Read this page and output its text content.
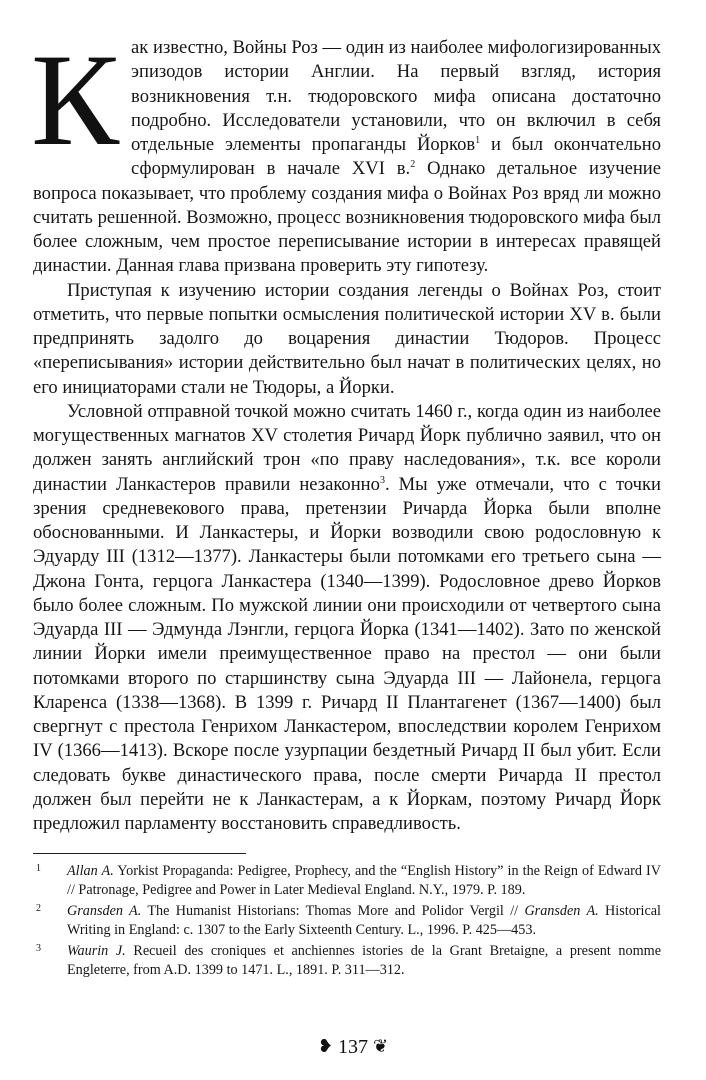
К ак известно, Войны Роз — один из наиболее мифологизированных эпизодов истории Англии. На первый взгляд, история возникновения т.н. тюдоровского мифа описана достаточно подробно. Исследователи установили, что он включил в себя отдельные элементы пропаганды Йорков$^1$ и был окончательно сформулирован в начале XVI в.$^2$ Однако детальное изучение вопроса показывает, что проблему создания мифа о Войнах Роз вряд ли можно считать решенной. Возможно, процесс возникновения тюдоровского мифа был более сложным, чем простое переписывание истории в интересах правящей династии. Данная глава призвана проверить эту гипотезу.

Приступая к изучению истории создания легенды о Войнах Роз, стоит отметить, что первые попытки осмысления политической истории XV в. были предпринять задолго до воцарения династии Тюдоров. Процесс «переписывания» истории действительно был начат в политических целях, но его инициаторами стали не Тюдоры, а Йорки.

Условной отправной точкой можно считать 1460 г., когда один из наиболее могущественных магнатов XV столетия Ричард Йорк публично заявил, что он должен занять английский трон «по праву наследования», т.к. все короли династии Ланкастеров правили незаконно$^3$. Мы уже отмечали, что с точки зрения средневекового права, претензии Ричарда Йорка были вполне обоснованными. И Ланкастеры, и Йорки возводили свою родословную к Эдуарду III (1312—1377). Ланкастеры были потомками его третьего сына — Джона Гонта, герцога Ланкастера (1340—1399). Родословное древо Йорков было более сложным. По мужской линии они происходили от четвертого сына Эдуарда III — Эдмунда Лэнгли, герцога Йорка (1341—1402). Зато по женской линии Йорки имели преимущественное право на престол — они были потомками второго по старшинству сына Эдуарда III — Лайонела, герцога Кларенса (1338—1368). В 1399 г. Ричард II Плантагенет (1367—1400) был свергнут с престола Генрихом Ланкастером, впоследствии королем Генрихом IV (1366—1413). Вскоре после узурпации бездетный Ричард II был убит. Если следовать букве династического права, после смерти Ричарда II престол должен был перейти не к Ланкастерам, а к Йоркам, поэтому Ричард Йорк предложил парламенту восстановить справедливость.

1 Allan A. Yorkist Propaganda: Pedigree, Prophecy, and the “English History” in the Reign of Edward IV // Patronage, Pedigree and Power in Later Medieval England. N.Y., 1979. P. 189.

2 Gransden A. The Humanist Historians: Thomas More and Polidor Vergil // Gransden A. Historical Writing in England: c. 1307 to the Early Sixteenth Century. L., 1996. P. 425—453.

3 Waurin J. Recueil des croniques et anchiennes istories de la Grant Bretaigne, a present nomme Engleterre, from A.D. 1399 to 1471. L., 1891. P. 311—312.

❥ 137 ❦
